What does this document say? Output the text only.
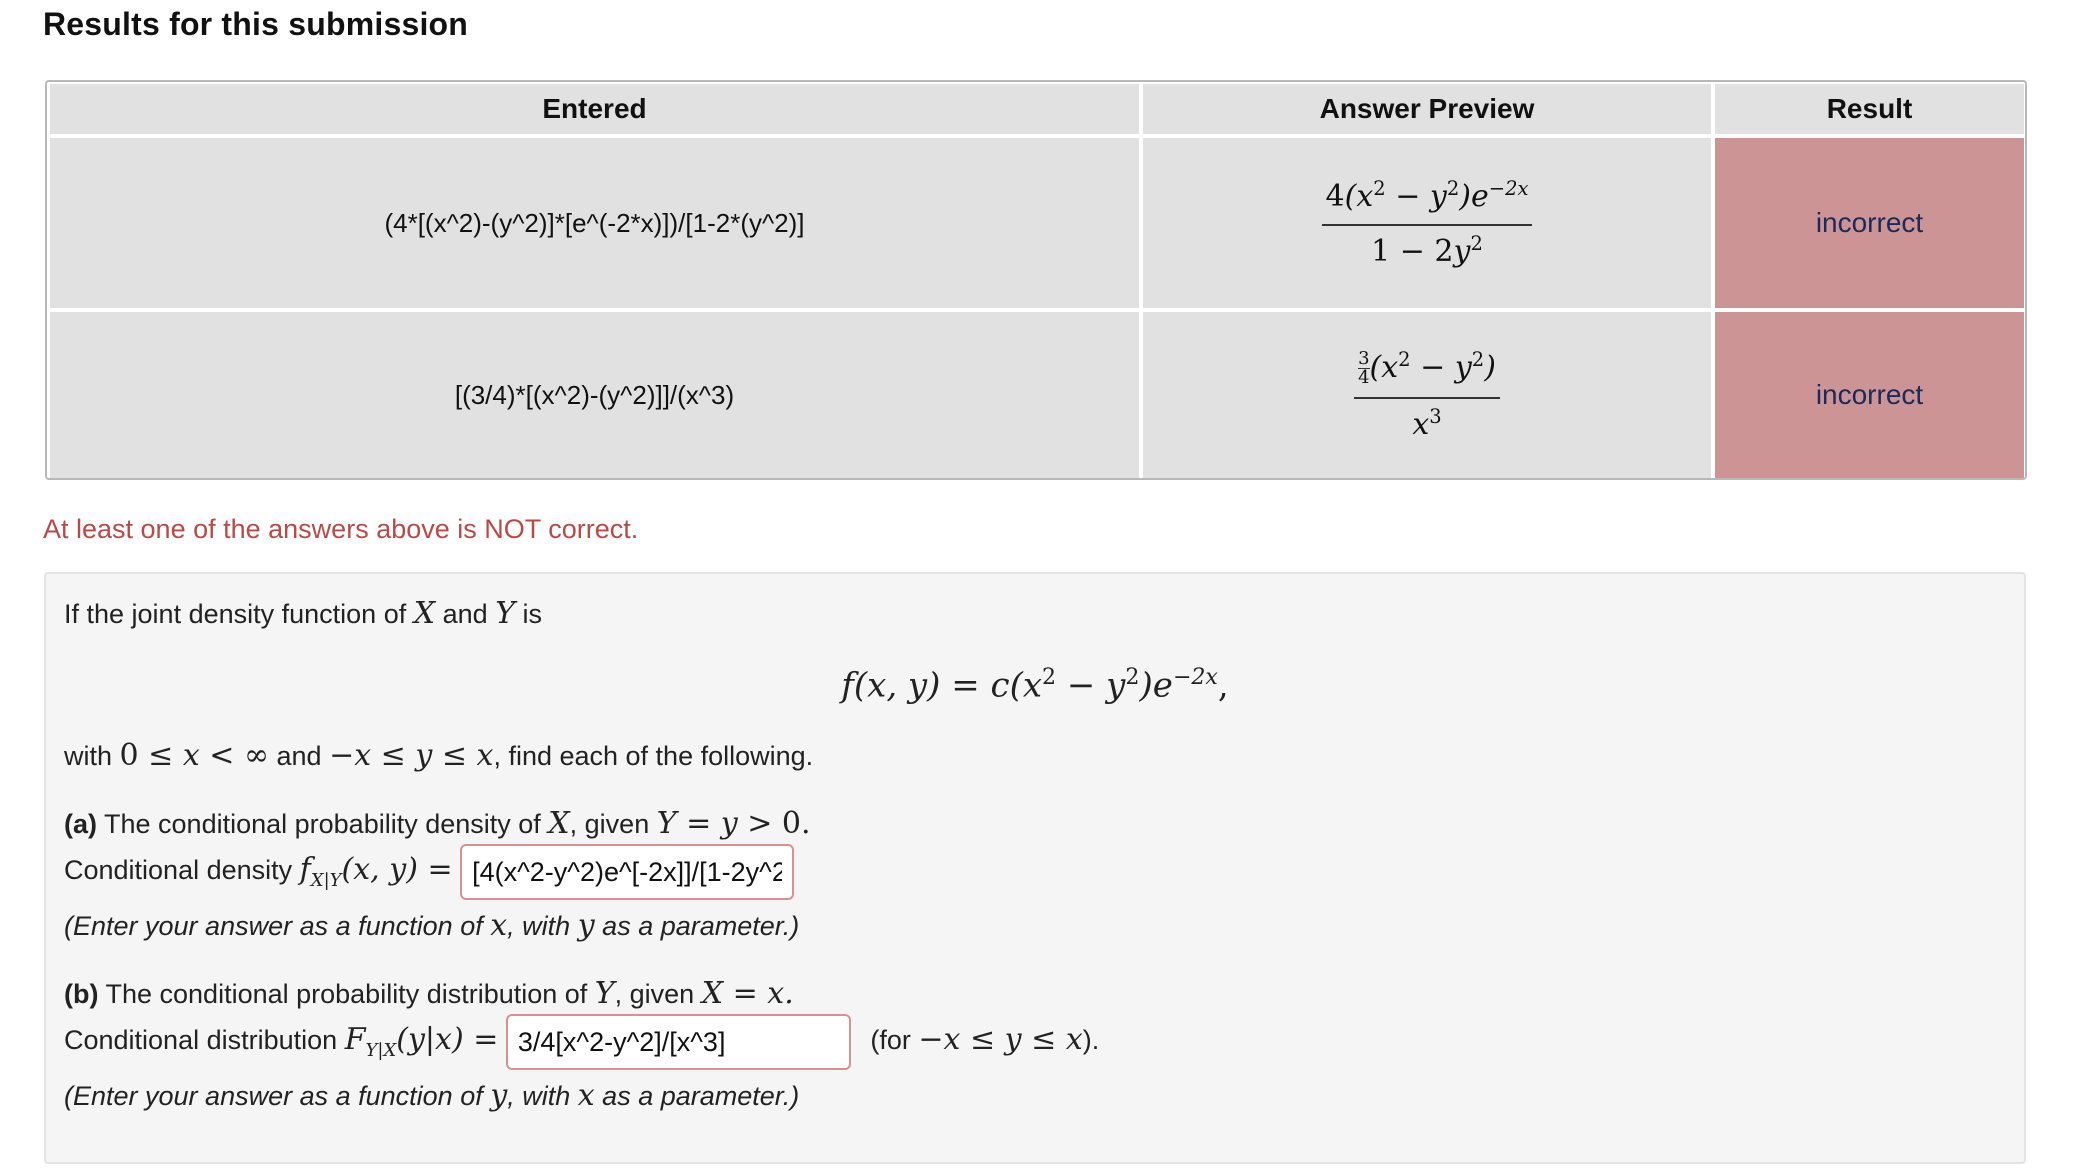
Results for this submission
Entered	Answer Preview	Result
(4*[(x^2)-(y^2)]*[e^(-2*x)])/[1-2*(y^2)]	$\frac{4(x^2 - y^2)e^{-2x}}{1 - 2y^2}$	incorrect
[(3/4)*[(x^2)-(y^2)]]/(x^3)	$\frac{\frac{3}{4} (x^2 - y^2)}{x^3}$	incorrect
At least one of the answers above is NOT correct.
If the joint density function of X and Y is
f(x, $y) = c(x^2 - y^2)e^{-2x}$,
with 0 ≤ x < ∞ and −x ≤ y ≤ x, find each of the following.
(a) The conditional probability density of X, given Y = y > 0.
Conditional density $f_{X|Y}(x$, y) = [4(x^2-y^2)e^[-2x]]/[1-2y^2]
(Enter your answer as a function of x, with y as a parameter.)
(b) The conditional probability distribution of Y, given X = x.
Conditional distribution $F_{Y|X}(y|x)$ = 3/4[x^2-y^2]/[x^3]	(for −x ≤ y ≤ x).
(Enter your answer as a function of y, with x as a parameter.)
